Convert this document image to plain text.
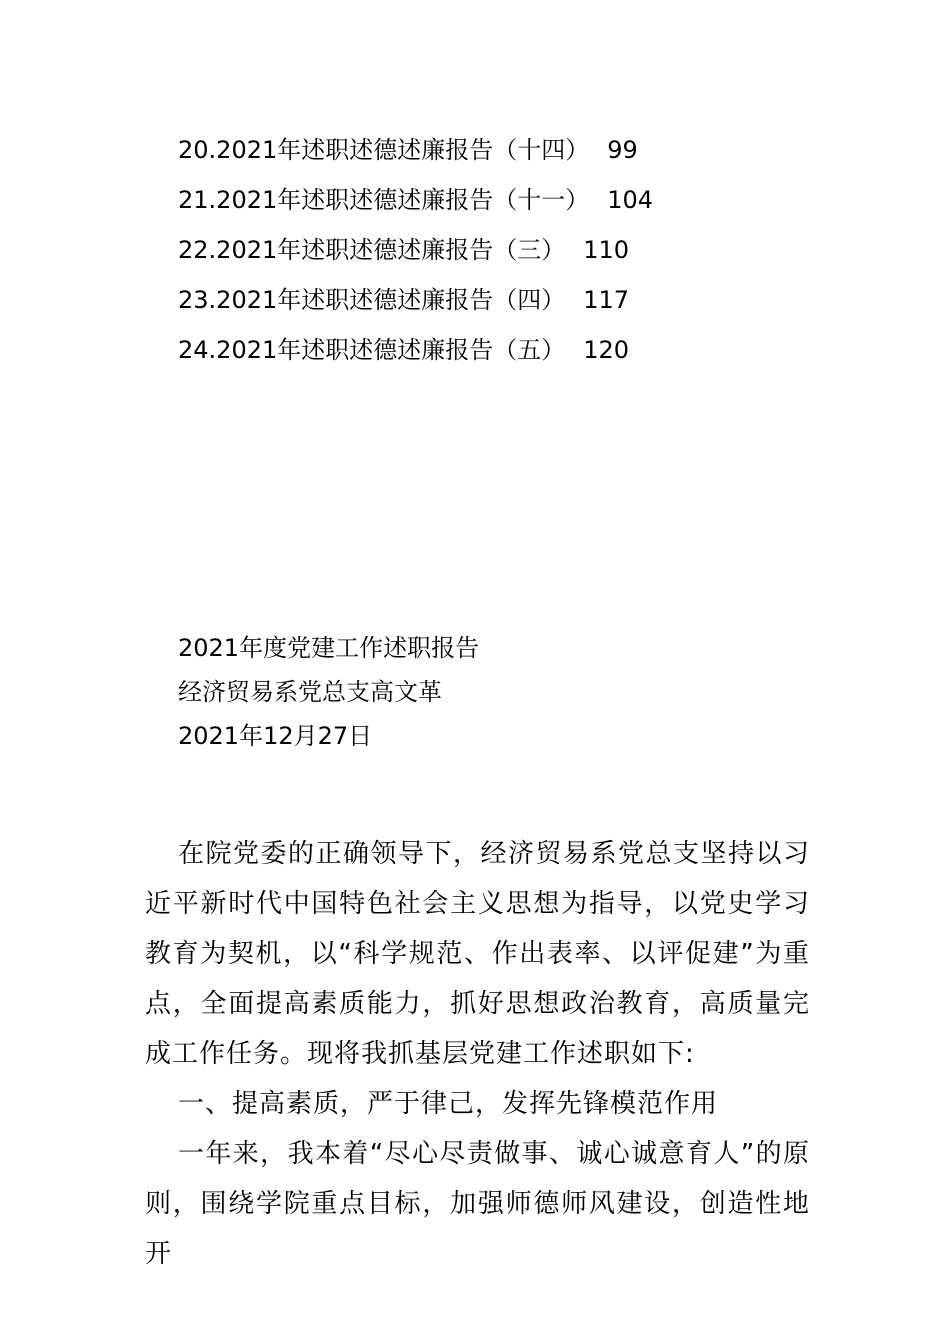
20.2021年述职述德述廉报告（十四） 99
21.2021年述职述德述廉报告（十一） 104
22.2021年述职述德述廉报告（三） 110
23.2021年述职述德述廉报告（四） 117
24.2021年述职述德述廉报告（五） 120
2021年度党建工作述职报告
经济贸易系党总支高文革
2021年12月27日

在院党委的正确领导下，经济贸易系党总支坚持以习近平新时代中国特色社会主义思想为指导，以党史学习教育为契机，以“科学规范、作出表率、以评促建”为重点，全面提高素质能力，抓好思想政治教育，高质量完成工作任务。现将我抓基层党建工作述职如下:

一、提高素质，严于律己，发挥先锋模范作用

一年来，我本着“尽心尽责做事、诚心诚意育人”的原则，围绕学院重点目标，加强师德师风建设，创造性地开
